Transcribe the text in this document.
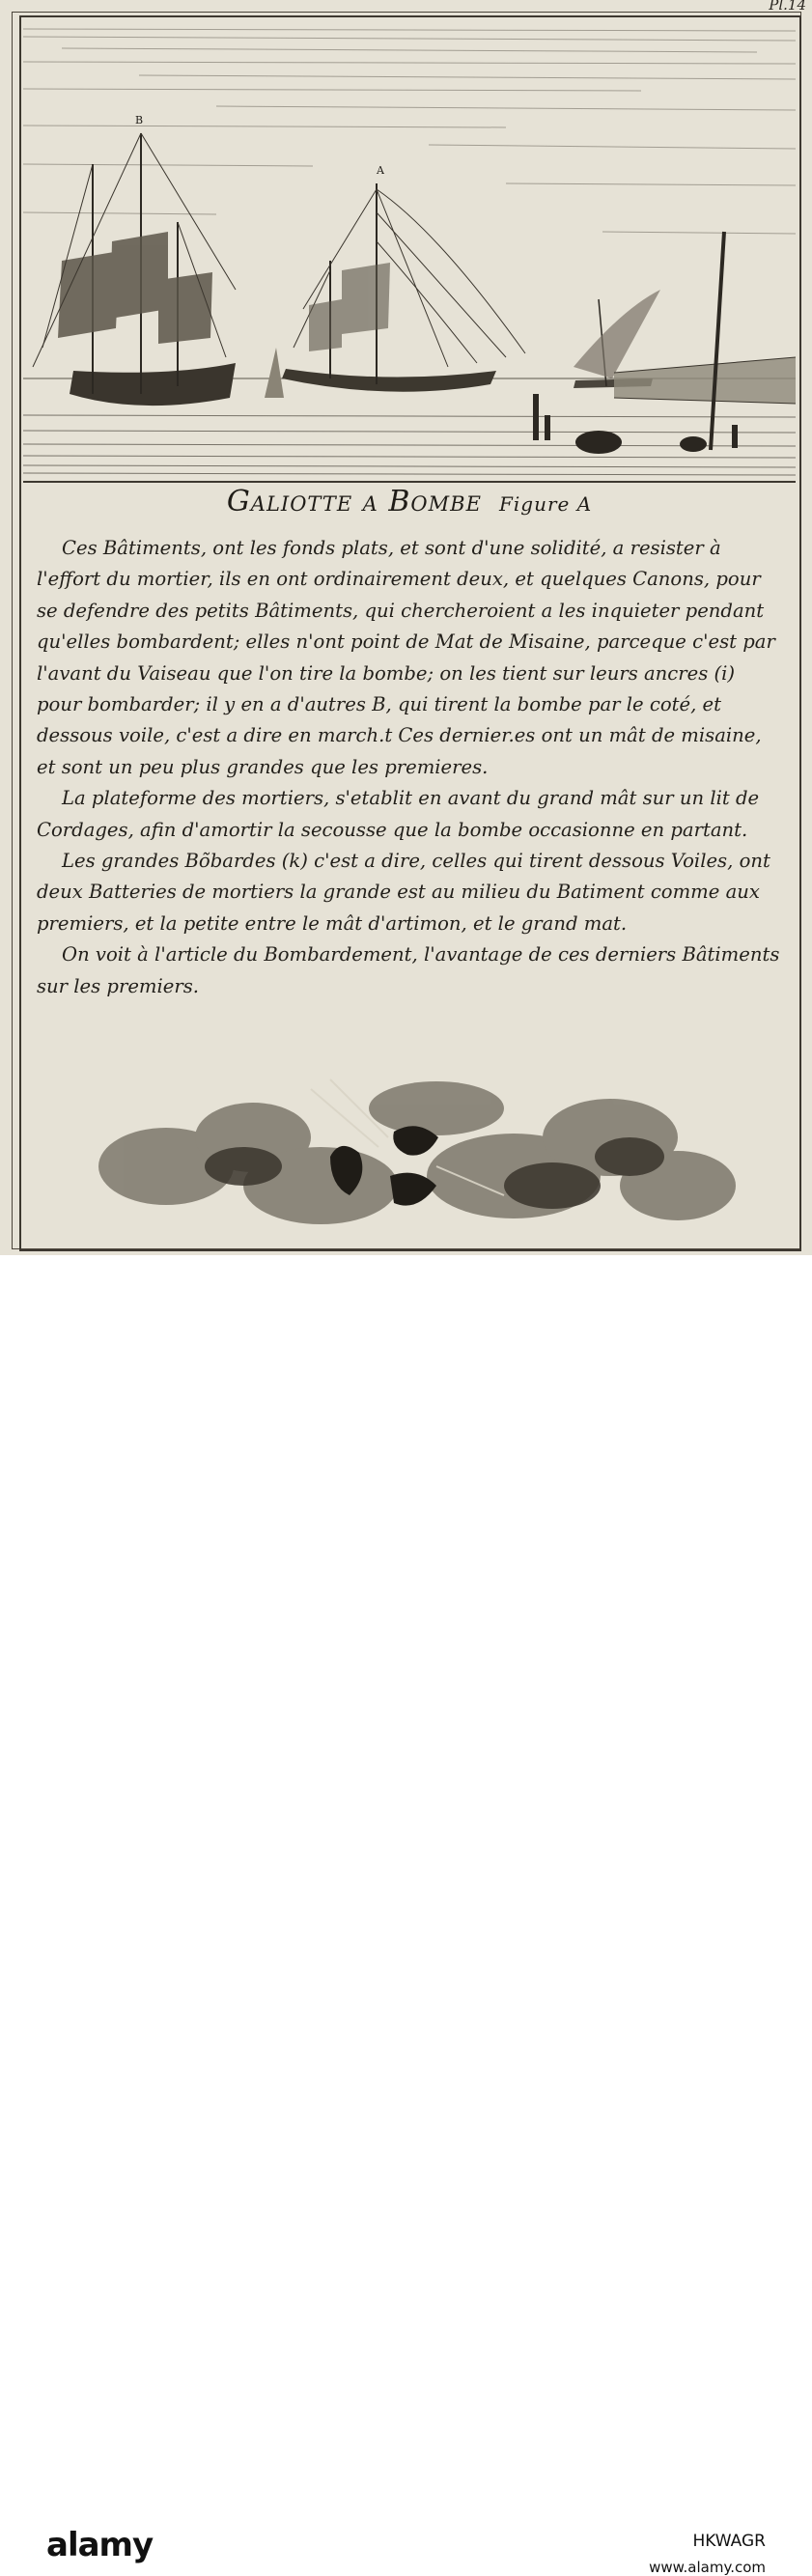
Pl.14
B
A
Galiotte a Bombe Figure A

Ces Bâtiments, ont les fonds plats, et sont d'une solidité, a resister à l'effort du mortier, ils en ont ordinairement deux, et quelques Canons, pour se defendre des petits Bâtiments, qui chercheroient a les inquieter pendant qu'elles bombardent; elles n'ont point de Mat de Misaine, parceque c'est par l'avant du Vaiseau que l'on tire la bombe; on les tient sur leurs ancres (i) pour bombarder; il y en a d'autres B, qui tirent la bombe par le coté, et dessous voile, c'est a dire en march.t Ces dernier.es ont un mât de misaine, et sont un peu plus grandes que les premieres.

La plateforme des mortiers, s'etablit en avant du grand mât sur un lit de Cordages, afin d'amortir la secousse que la bombe occasionne en partant.

Les grandes Bõbardes (k) c'est a dire, celles qui tirent dessous Voiles, ont deux Batteries de mortiers la grande est au milieu du Batiment comme aux premiers, et la petite entre le mât d'artimon, et le grand mat.

On voit à l'article du Bombardement, l'avantage de ces derniers Bâtiments sur les premiers.

alamy	HKWAGR
www.alamy.com
